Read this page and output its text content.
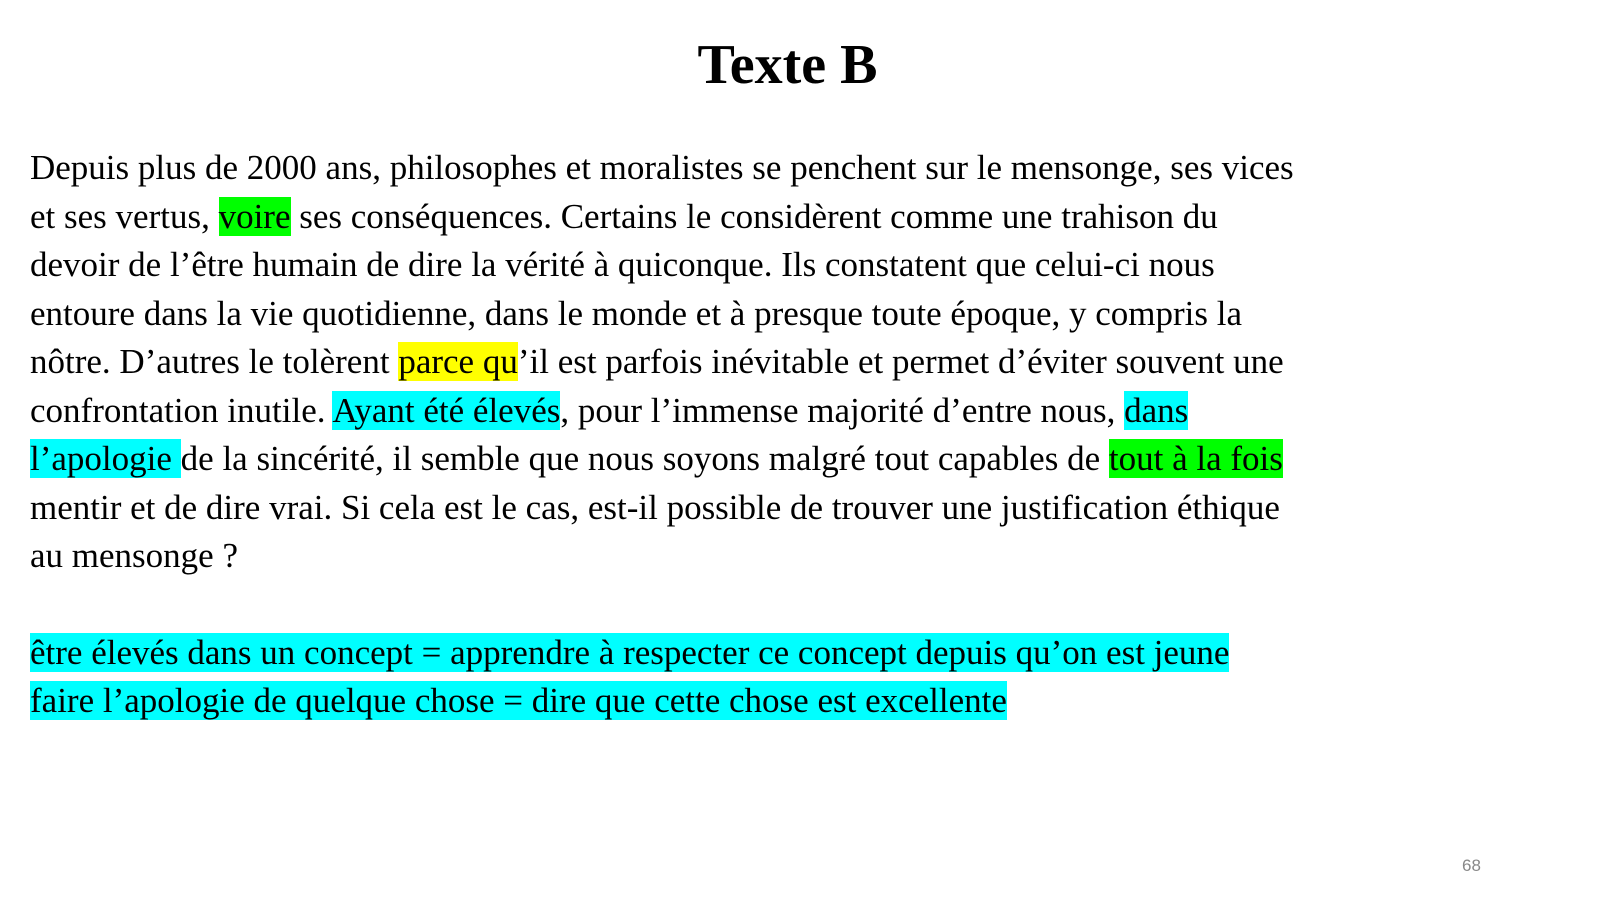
Texte B

Depuis plus de 2000 ans, philosophes et moralistes se penchent sur le mensonge, ses vices
et ses vertus, voire ses conséquences. Certains le considèrent comme une trahison du
devoir de l’être humain de dire la vérité à quiconque. Ils constatent que celui-ci nous
entoure dans la vie quotidienne, dans le monde et à presque toute époque, y compris la
nôtre. D’autres le tolèrent parce qu’il est parfois inévitable et permet d’éviter souvent une
confrontation inutile. Ayant été élevés, pour l’immense majorité d’entre nous, dans
l’apologie de la sincérité, il semble que nous soyons malgré tout capables de tout à la fois
mentir et de dire vrai. Si cela est le cas, est-il possible de trouver une justification éthique
au mensonge ?

être élevés dans un concept = apprendre à respecter ce concept depuis qu’on est jeune
faire l’apologie de quelque chose = dire que cette chose est excellente

68
